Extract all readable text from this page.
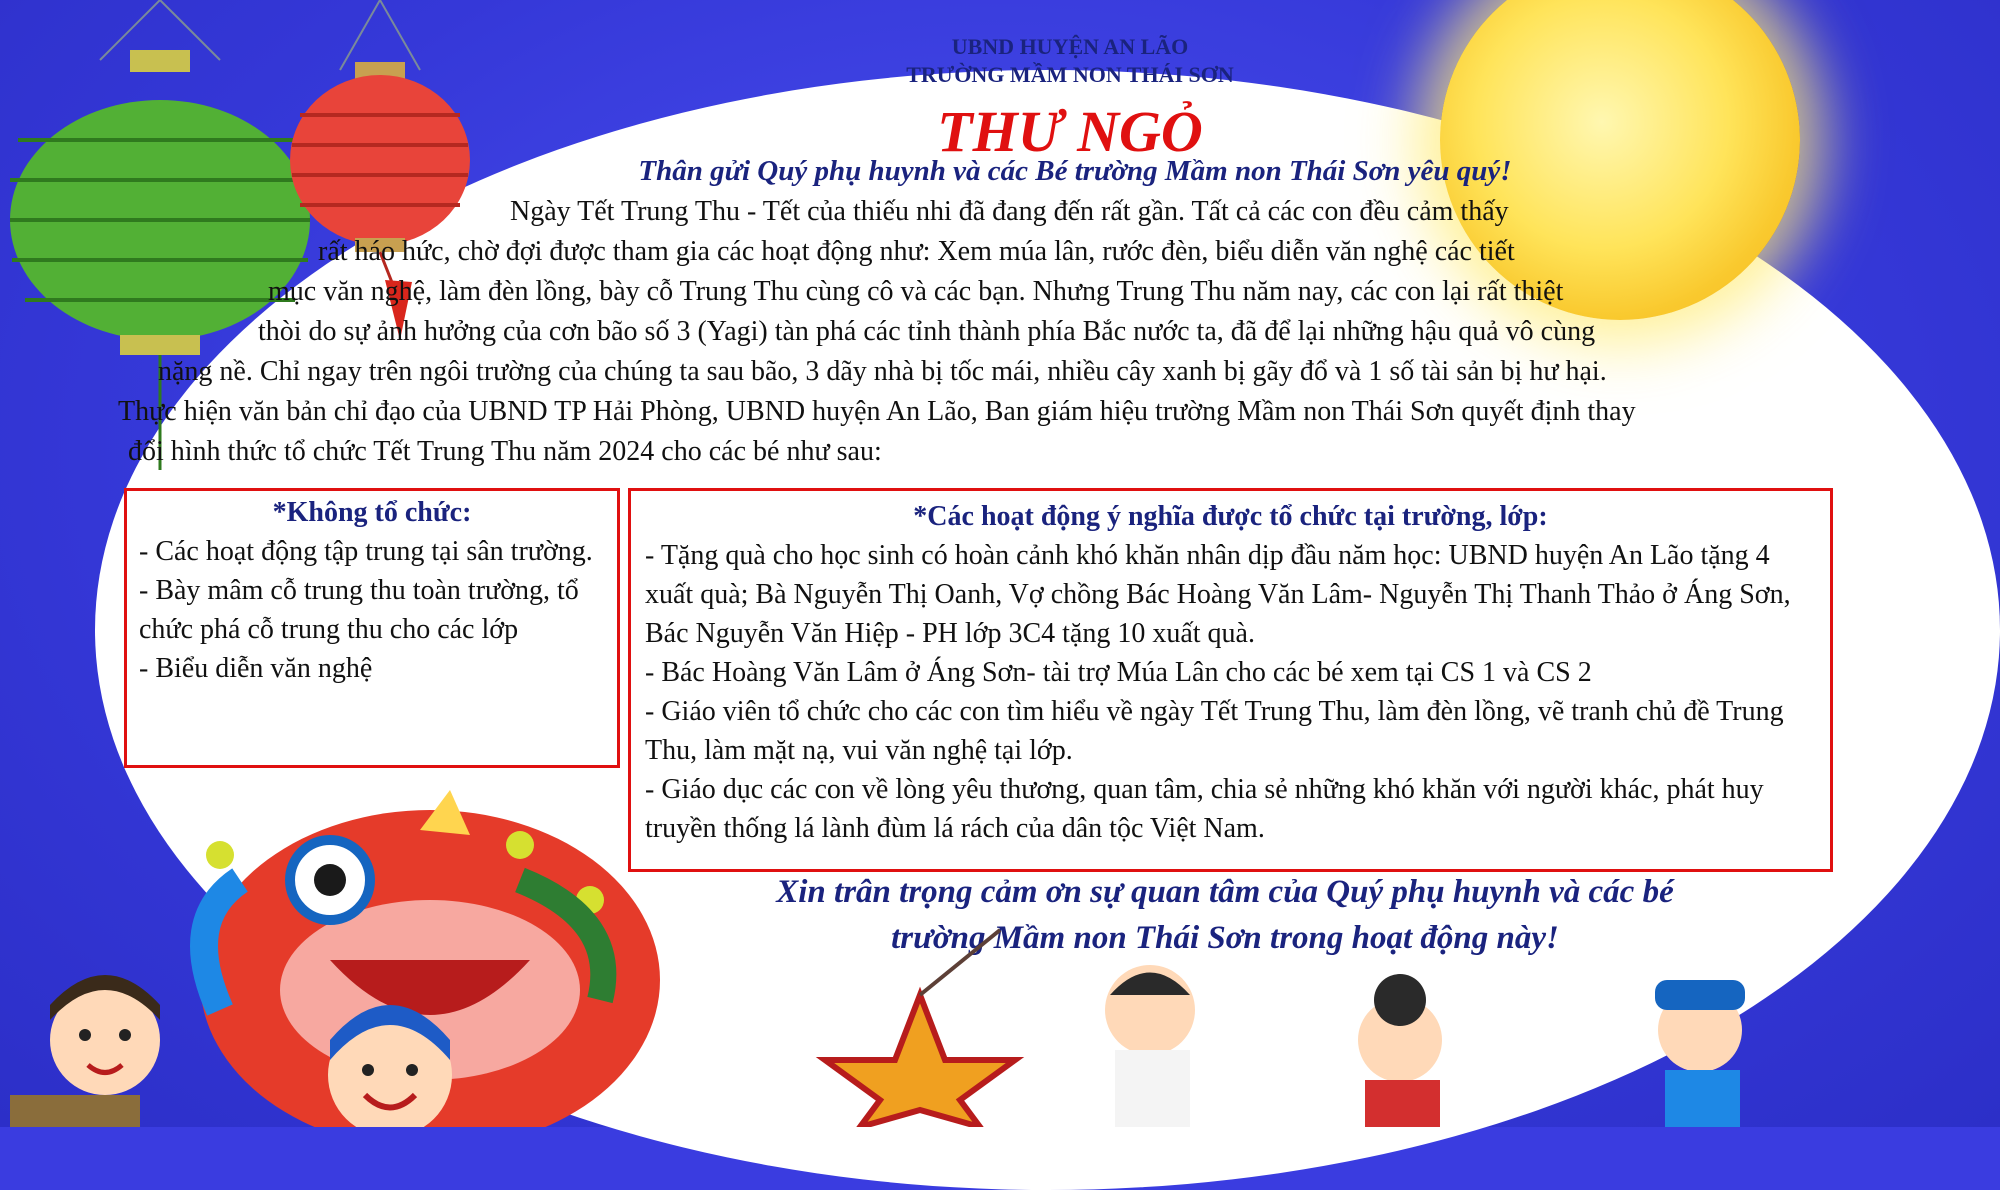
UBND HUYỆN AN LÃO
TRƯỜNG MẦM NON THÁI SƠN
THƯ NGỎ
Thân gửi Quý phụ huynh và các Bé trường Mầm non Thái Sơn yêu quý!
Ngày Tết Trung Thu - Tết của thiếu nhi đã đang đến rất gần. Tất cả các con đều cảm thấy
rất háo hức, chờ đợi được tham gia các hoạt động như: Xem múa lân, rước đèn, biểu diễn văn nghệ các tiết
mục văn nghệ, làm đèn lồng, bày cỗ Trung Thu cùng cô và các bạn. Nhưng Trung Thu năm nay, các con lại rất thiệt
thòi do sự ảnh hưởng của cơn bão số 3 (Yagi) tàn phá các tỉnh thành phía Bắc nước ta, đã để lại những hậu quả vô cùng
nặng nề. Chỉ ngay trên ngôi trường của chúng ta sau bão, 3 dãy nhà bị tốc mái, nhiều cây xanh bị gãy đổ và 1 số tài sản bị hư hại.
Thực hiện văn bản chỉ đạo của UBND TP Hải Phòng, UBND huyện An Lão, Ban giám hiệu trường Mầm non Thái Sơn quyết định thay
đổi hình thức tổ chức Tết Trung Thu năm 2024 cho các bé như sau:
*Không tổ chức:
- Các hoạt động tập trung tại sân trường.
- Bày mâm cỗ trung thu toàn trường, tổ chức phá cỗ trung thu cho các lớp
- Biểu diễn văn nghệ
*Các hoạt động ý nghĩa được tổ chức tại trường, lớp:
- Tặng quà cho học sinh có hoàn cảnh khó khăn nhân dịp đầu năm học: UBND huyện An Lão tặng 4 xuất quà; Bà Nguyễn Thị Oanh, Vợ chồng Bác Hoàng Văn Lâm- Nguyễn Thị Thanh Thảo ở Áng Sơn, Bác Nguyễn Văn Hiệp - PH lớp 3C4 tặng 10 xuất quà.
- Bác Hoàng Văn Lâm ở Áng Sơn- tài trợ Múa Lân cho các bé xem tại CS 1 và CS 2
- Giáo viên tổ chức cho các con tìm hiểu về ngày Tết Trung Thu, làm đèn lồng, vẽ tranh chủ đề Trung Thu, làm mặt nạ, vui văn nghệ tại lớp.
- Giáo dục các con về lòng yêu thương, quan tâm, chia sẻ những khó khăn với người khác, phát huy truyền thống lá lành đùm lá rách của dân tộc Việt Nam.
Xin trân trọng cảm ơn sự quan tâm của Quý phụ huynh và các bé
trường Mầm non Thái Sơn trong hoạt động này!
